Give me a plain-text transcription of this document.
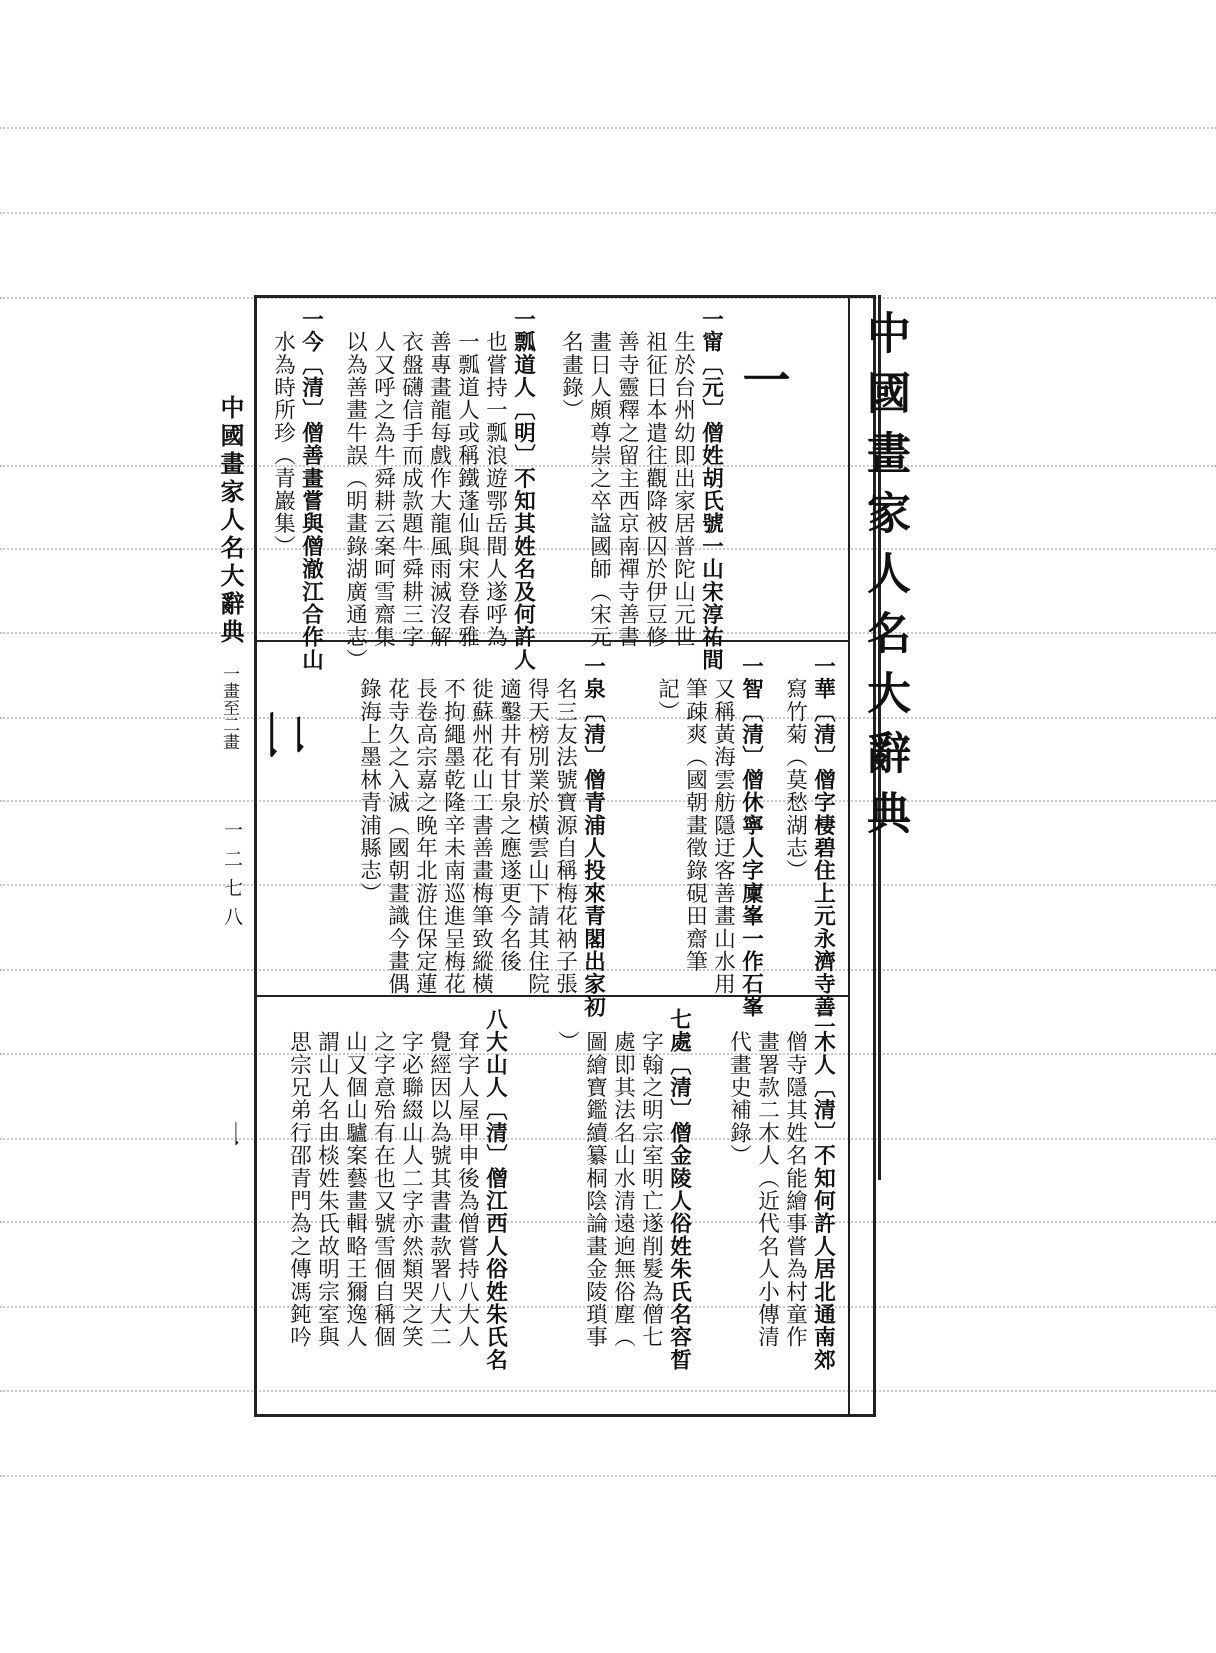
中國畫家人名大辭典
一
二
一甯〔元〕僧姓胡氏號一山宋淳祐間
　生於台州幼即出家居普陀山元世
　祖征日本遣往觀降被囚於伊豆修
　善寺靈釋之留主西京南禪寺善書
　畫日人頗尊崇之卒諡國師（宋元
　名畫錄）
一瓢道人〔明〕不知其姓名及何許人
　也嘗持一瓢浪遊鄂岳間人遂呼為
　一瓢道人或稱鐵蓬仙與宋登春雅
　善專畫龍每戲作大龍風雨滅沒解
　衣盤礴信手而成款題牛舜耕三字
　人又呼之為牛舜耕云案呵雪齋集
　以為善畫牛誤（明畫錄湖廣通志）
一今〔清〕僧善畫嘗與僧澈江合作山
　水為時所珍（青巖集）
一華〔清〕僧字棲碧住上元永濟寺善
　寫竹菊（莫愁湖志）
一智〔清〕僧休寧人字廩峯一作石峯
　又稱黃海雲舫隱迂客善畫山水用
　筆疎爽（國朝畫徵錄硯田齋筆
　記）
一泉〔清〕僧青浦人投來青閣出家初
　名三友法號寶源自稱梅花衲子張
　得天榜別業於橫雲山下請其住院
　適鑿井有甘泉之應遂更今名後
　徙蘇州花山工書善畫梅筆致縱橫
　不拘繩墨乾隆辛未南巡進呈梅花
　長卷高宗嘉之晚年北游住保定蓮
　花寺久之入滅（國朝畫識今畫偶
　錄海上墨林青浦縣志）
二木人〔清〕不知何許人居北通南郊
　僧寺隱其姓名能繪事嘗為村童作
　畫署款二木人（近代名人小傳清
　代畫史補錄）
七處〔清〕僧金陵人俗姓朱氏名容晳
　字翰之明宗室明亡遂削髮為僧七
　處即其法名山水清遠逈無俗塵（
　圖繪寶鑑續纂桐陰論畫金陵瑣事
　）
八大山人〔清〕僧江西人俗姓朱氏名
　耷字人屋甲申後為僧嘗持八大人
　覺經因以為號其書畫款署八大二
　字必聯綴山人二字亦然類哭之笑
　之字意殆有在也又號雪個自稱個
　山又個山驢案藝畫輯略王獮逸人
　謂山人名由棪姓朱氏故明宗室與
　思宗兄弟行邵青門為之傳馮鈍吟
中國畫家人名大辭典
一畫至二畫
一二七八
一
